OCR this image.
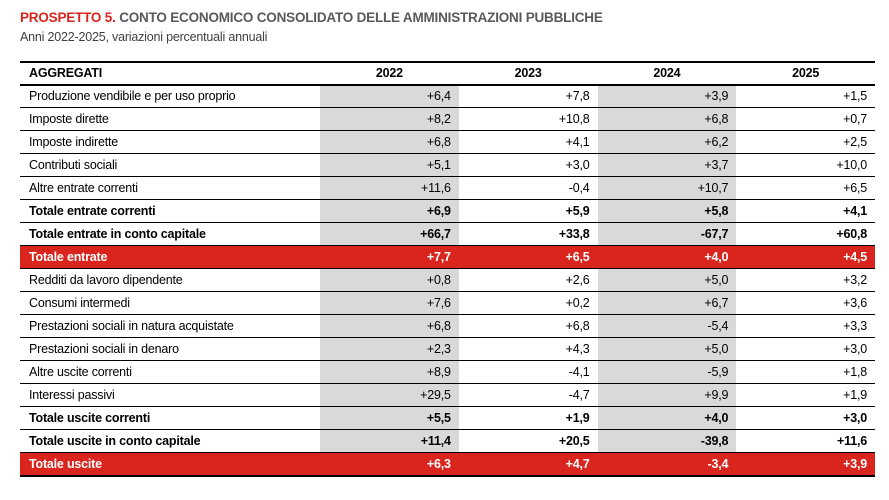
PROSPETTO 5. CONTO ECONOMICO CONSOLIDATO DELLE AMMINISTRAZIONI PUBBLICHE
Anni 2022-2025, variazioni percentuali annuali
AGGREGATI	2022	2023	2024	2025
Produzione vendibile e per uso proprio	+6,4	+7,8	+3,9	+1,5
Imposte dirette	+8,2	+10,8	+6,8	+0,7
Imposte indirette	+6,8	+4,1	+6,2	+2,5
Contributi sociali	+5,1	+3,0	+3,7	+10,0
Altre entrate correnti	+11,6	-0,4	+10,7	+6,5
Totale entrate correnti	+6,9	+5,9	+5,8	+4,1
Totale entrate in conto capitale	+66,7	+33,8	-67,7	+60,8
Totale entrate	+7,7	+6,5	+4,0	+4,5
Redditi da lavoro dipendente	+0,8	+2,6	+5,0	+3,2
Consumi intermedi	+7,6	+0,2	+6,7	+3,6
Prestazioni sociali in natura acquistate	+6,8	+6,8	-5,4	+3,3
Prestazioni sociali in denaro	+2,3	+4,3	+5,0	+3,0
Altre uscite correnti	+8,9	-4,1	-5,9	+1,8
Interessi passivi	+29,5	-4,7	+9,9	+1,9
Totale uscite correnti	+5,5	+1,9	+4,0	+3,0
Totale uscite in conto capitale	+11,4	+20,5	-39,8	+11,6
Totale uscite	+6,3	+4,7	-3,4	+3,9
